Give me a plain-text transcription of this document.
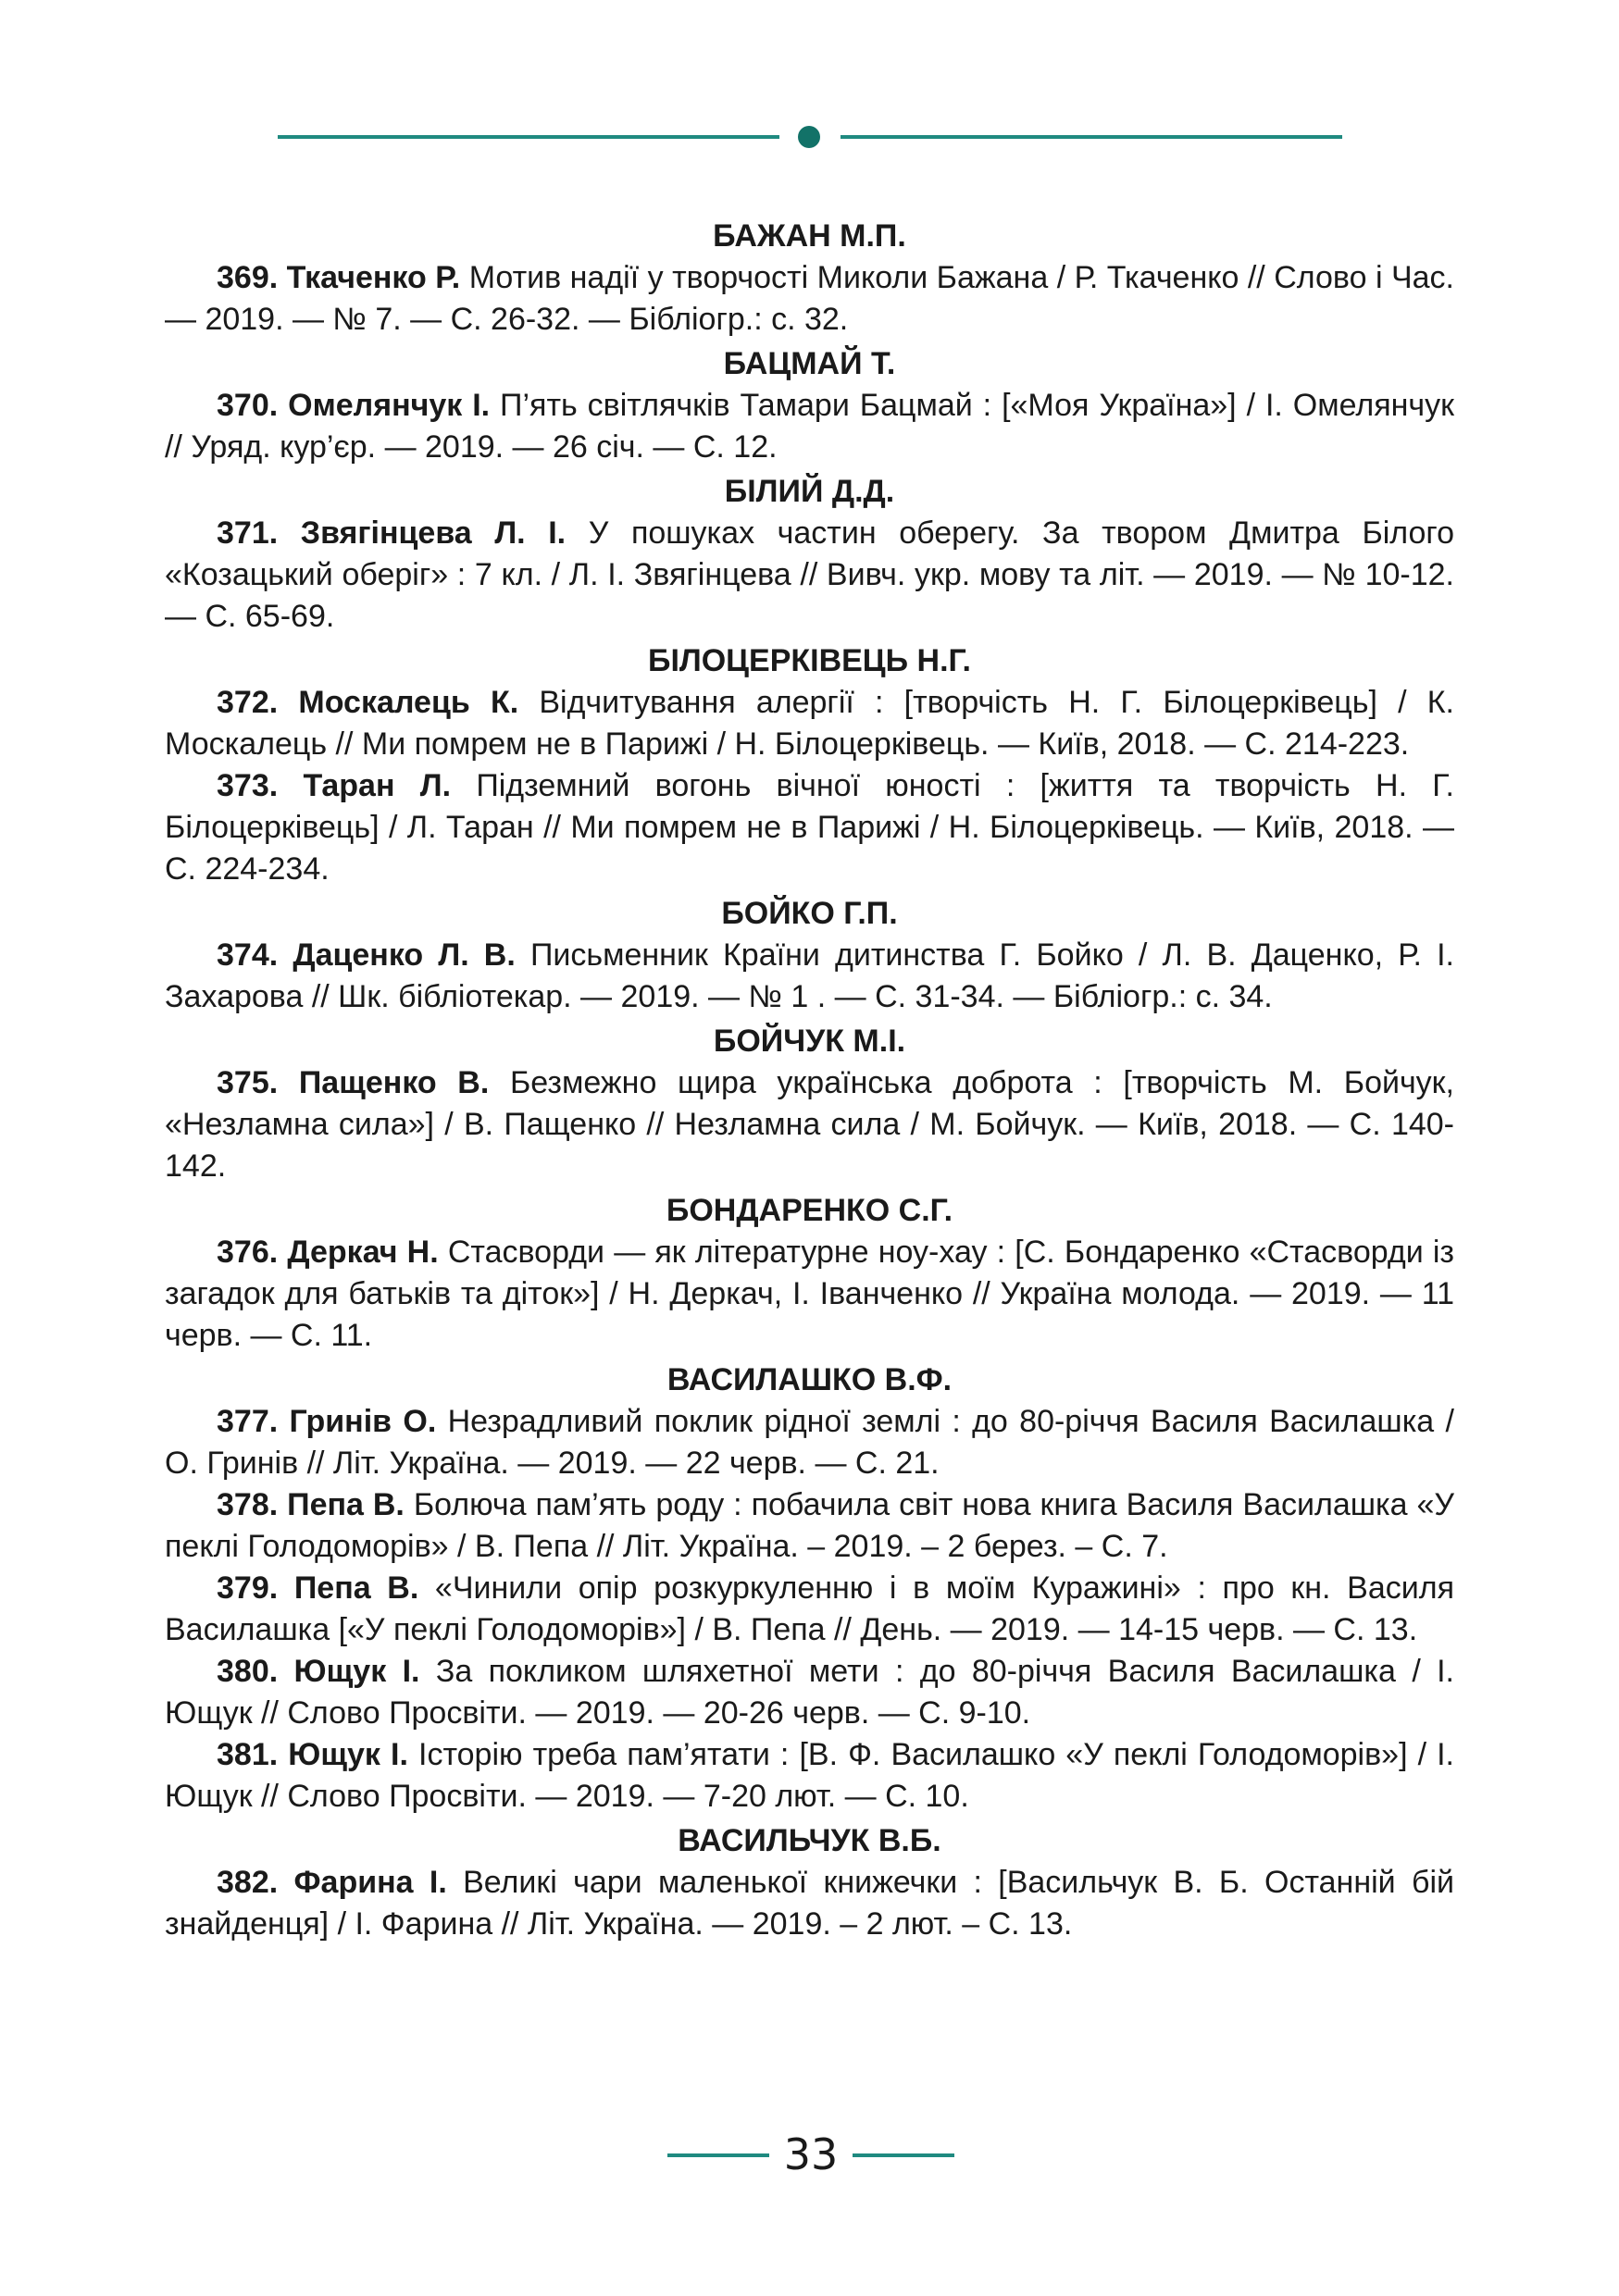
БАЖАН М.П.

369. Ткаченко Р. Мотив надії у творчості Миколи Бажана / Р. Ткаченко // Слово і Час. — 2019. — № 7. — С. 26-32. — Бібліогр.: с. 32.

БАЦМАЙ Т.

370. Омелянчук І. П’ять світлячків Тамари Бацмай : [«Моя Україна»] / І. Омелянчук // Уряд. кур’єр. — 2019. — 26 січ. — С. 12.

БІЛИЙ Д.Д.

371. Звягінцева Л. І. У пошуках частин оберегу. За твором Дмитра Білого «Козацький оберіг» : 7 кл. / Л. І. Звягінцева // Вивч. укр. мову та літ. — 2019. — № 10-12. — С. 65-69.

БІЛОЦЕРКІВЕЦЬ Н.Г.

372. Москалець К. Відчитування алергії : [творчість Н. Г. Білоцерківець] / К. Москалець // Ми помрем не в Парижі / Н. Білоцерківець. — Київ, 2018. — С. 214-223.

373. Таран Л. Підземний вогонь вічної юності : [життя та творчість Н. Г. Білоцерківець] / Л. Таран // Ми помрем не в Парижі / Н. Білоцерківець. — Київ, 2018. — С. 224-234.

БОЙКО Г.П.

374. Даценко Л. В. Письменник Країни дитинства Г. Бойко / Л. В. Даценко, Р. І. Захарова // Шк. бібліотекар. — 2019. — № 1 . — С. 31-34. — Бібліогр.: с. 34.

БОЙЧУК М.І.

375. Пащенко В. Безмежно щира українська доброта : [творчість М. Бойчук, «Незламна сила»] / В. Пащенко // Незламна сила / М. Бойчук. — Київ, 2018. — С. 140-142.

БОНДАРЕНКО С.Г.

376. Деркач Н. Стасворди — як літературне ноу-хау : [С. Бондаренко «Стасворди із загадок для батьків та діток»] / Н. Деркач, І. Іванченко // Україна молода. — 2019. — 11 черв. — С. 11.

ВАСИЛАШКО В.Ф.

377. Гринів О. Незрадливий поклик рідної землі : до 80-річчя Василя Василашка / О. Гринів // Літ. Україна. — 2019. — 22 черв. — С. 21.

378. Пепа В. Болюча пам’ять роду : побачила світ нова книга Василя Василашка «У пеклі Голодоморів» / В. Пепа // Літ. Україна. – 2019. – 2 берез. – С. 7.

379. Пепа В. «Чинили опір розкуркуленню і в моїм Куражині» : про кн. Василя Василашка [«У пеклі Голодоморів»] / В. Пепа // День. — 2019. — 14-15 черв. — С. 13.

380. Ющук І. За покликом шляхетної мети : до 80-річчя Василя Василашка / І. Ющук // Слово Просвіти. — 2019. — 20-26 черв. — С. 9-10.

381. Ющук І. Історію треба пам’ятати : [В. Ф. Василашко «У пеклі Голодоморів»] / І. Ющук // Слово Просвіти. — 2019. — 7-20 лют. — С. 10.

ВАСИЛЬЧУК В.Б.

382. Фарина І. Великі чари маленької книжечки : [Васильчук В. Б. Останній бій знайденця] / І. Фарина // Літ. Україна. — 2019. – 2 лют. – С. 13.

33
